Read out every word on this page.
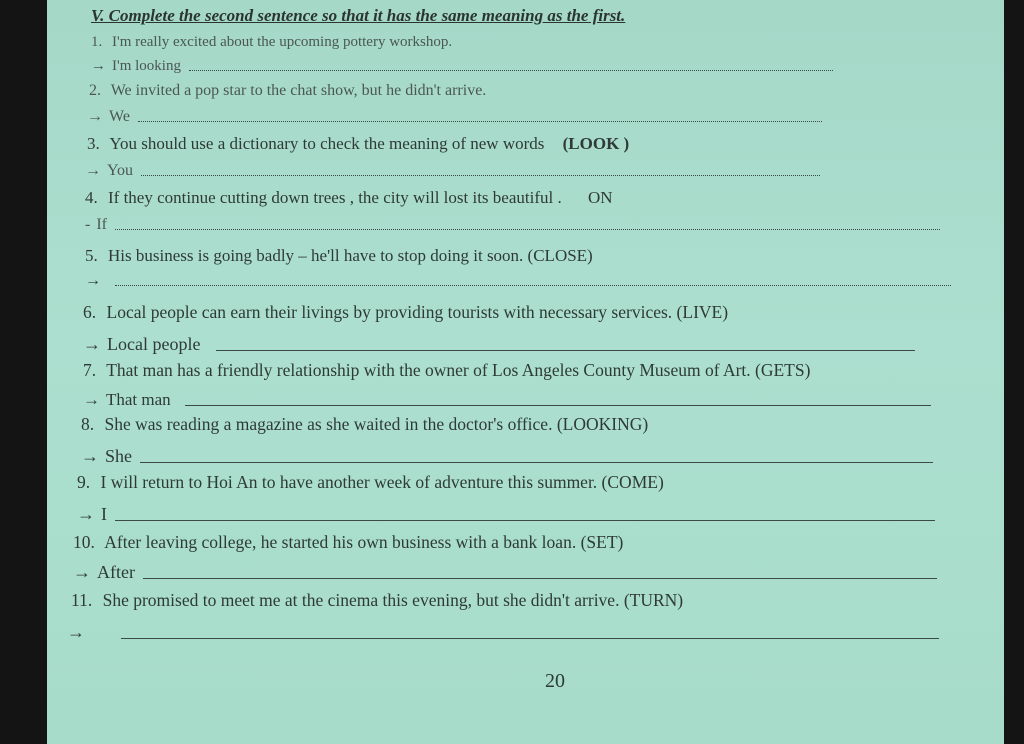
V. Complete the second sentence so that it has the same meaning as the first.
1. I'm really excited about the upcoming pottery workshop.
→ I'm looking
2. We invited a pop star to the chat show, but he didn't arrive.
→ We
3. You should use a dictionary to check the meaning of new words (LOOK )
→ You
4. If they continue cutting down trees , the city will lost its beautiful . ON
- If
5. His business is going badly – he'll have to stop doing it soon. (CLOSE)
→
6. Local people can earn their livings by providing tourists with necessary services. (LIVE)
→ Local people
7. That man has a friendly relationship with the owner of Los Angeles County Museum of Art. (GETS)
→ That man
8. She was reading a magazine as she waited in the doctor's office. (LOOKING)
→ She
9. I will return to Hoi An to have another week of adventure this summer. (COME)
→ I
10. After leaving college, he started his own business with a bank loan. (SET)
→ After
11. She promised to meet me at the cinema this evening, but she didn't arrive. (TURN)
→
20
